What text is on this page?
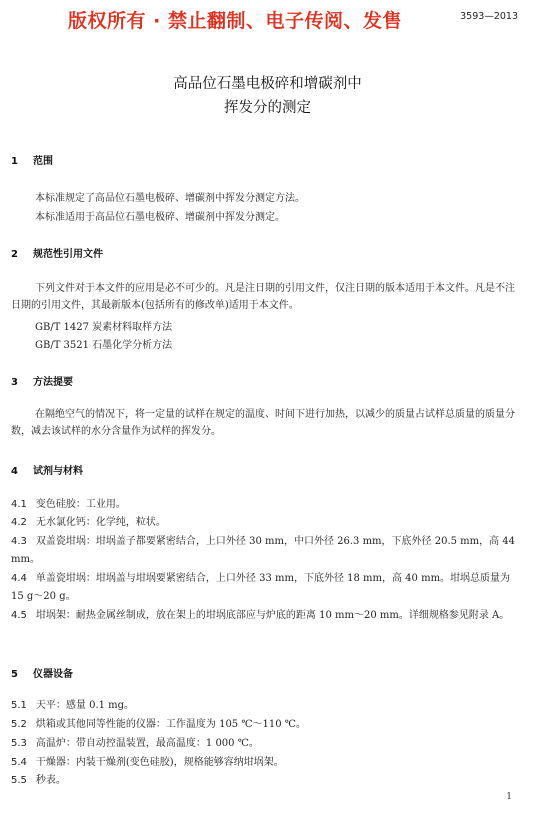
版权所有 · 禁止翻制、电子传阅、发售	3593—2013
高品位石墨电极碎和增碳剂中
挥发分的测定
1 范围
本标准规定了高品位石墨电极碎、增碳剂中挥发分测定方法。
本标准适用于高品位石墨电极碎、增碳剂中挥发分测定。
2 规范性引用文件
下列文件对于本文件的应用是必不可少的。凡是注日期的引用文件，仅注日期的版本适用于本文件。凡是不注日期的引用文件，其最新版本(包括所有的修改单)适用于本文件。
GB/T 1427 炭素材料取样方法
GB/T 3521 石墨化学分析方法
3 方法提要
在隔绝空气的情况下，将一定量的试样在规定的温度、时间下进行加热，以减少的质量占试样总质量的质量分数，减去该试样的水分含量作为试样的挥发分。
4 试剂与材料
4.1 变色硅胶：工业用。
4.2 无水氯化钙：化学纯，粒状。
4.3 双盖瓷坩埚：坩埚盖子都要紧密结合，上口外径 30 mm，中口外径 26.3 mm，下底外径 20.5 mm，高 44 mm。
4.4 单盖瓷坩埚：坩埚盖与坩埚要紧密结合，上口外径 33 mm，下底外径 18 mm，高 40 mm。坩埚总质量为 15 g～20 g。
4.5 坩埚架：耐热金属丝制成，放在架上的坩埚底部应与炉底的距离 10 mm～20 mm。详细规格参见附录 A。
5 仪器设备
5.1 天平：感量 0.1 mg。
5.2 烘箱或其他同等性能的仪器：工作温度为 105 ℃～110 ℃。
5.3 高温炉：带自动控温装置，最高温度：1 000 ℃。
5.4 干燥器：内装干燥剂(变色硅胶)，规格能够容纳坩埚架。
5.5 秒表。
1
